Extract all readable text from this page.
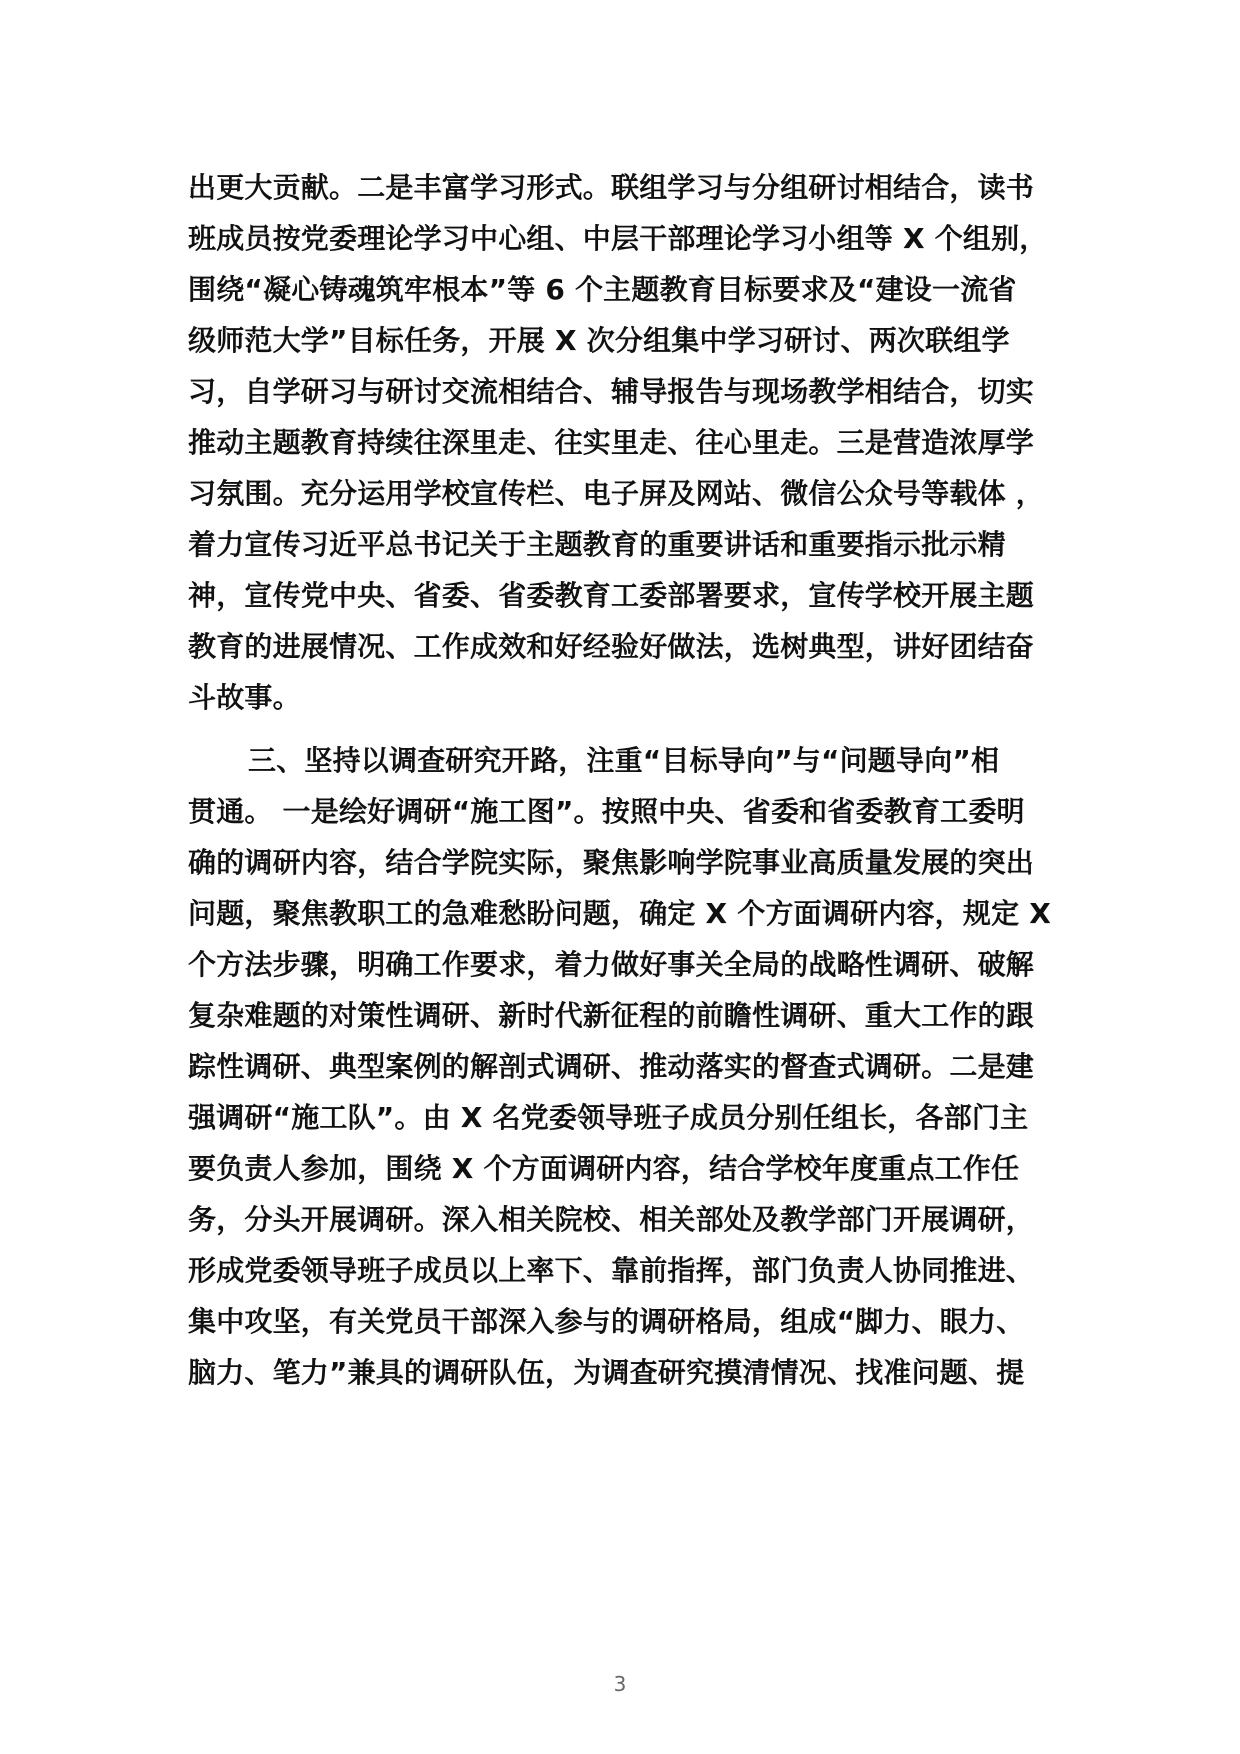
出更大贡献。二是丰富学习形式。联组学习与分组研讨相结合，读书
班成员按党委理论学习中心组、中层干部理论学习小组等 X 个组别，
围绕“凝心铸魂筑牢根本”等 6 个主题教育目标要求及“建设一流省
级师范大学”目标任务，开展 X 次分组集中学习研讨、两次联组学
习，自学研习与研讨交流相结合、辅导报告与现场教学相结合，切实
推动主题教育持续往深里走、往实里走、往心里走。三是营造浓厚学
习氛围。充分运用学校宣传栏、电子屏及网站、微信公众号等载体 ，
着力宣传习近平总书记关于主题教育的重要讲话和重要指示批示精
神，宣传党中央、省委、省委教育工委部署要求，宣传学校开展主题
教育的进展情况、工作成效和好经验好做法，选树典型，讲好团结奋
斗故事。
三、坚持以调查研究开路，注重“目标导向”与“问题导向”相
贯通。 一是绘好调研“施工图”。按照中央、省委和省委教育工委明
确的调研内容，结合学院实际，聚焦影响学院事业高质量发展的突出
问题，聚焦教职工的急难愁盼问题，确定 X 个方面调研内容，规定 X
个方法步骤，明确工作要求，着力做好事关全局的战略性调研、破解
复杂难题的对策性调研、新时代新征程的前瞻性调研、重大工作的跟
踪性调研、典型案例的解剖式调研、推动落实的督查式调研。二是建
强调研“施工队”。由 X 名党委领导班子成员分别任组长，各部门主
要负责人参加，围绕 X 个方面调研内容，结合学校年度重点工作任
务，分头开展调研。深入相关院校、相关部处及教学部门开展调研，
形成党委领导班子成员以上率下、靠前指挥，部门负责人协同推进、
集中攻坚，有关党员干部深入参与的调研格局，组成“脚力、眼力、
脑力、笔力”兼具的调研队伍，为调查研究摸清情况、找准问题、提
3
